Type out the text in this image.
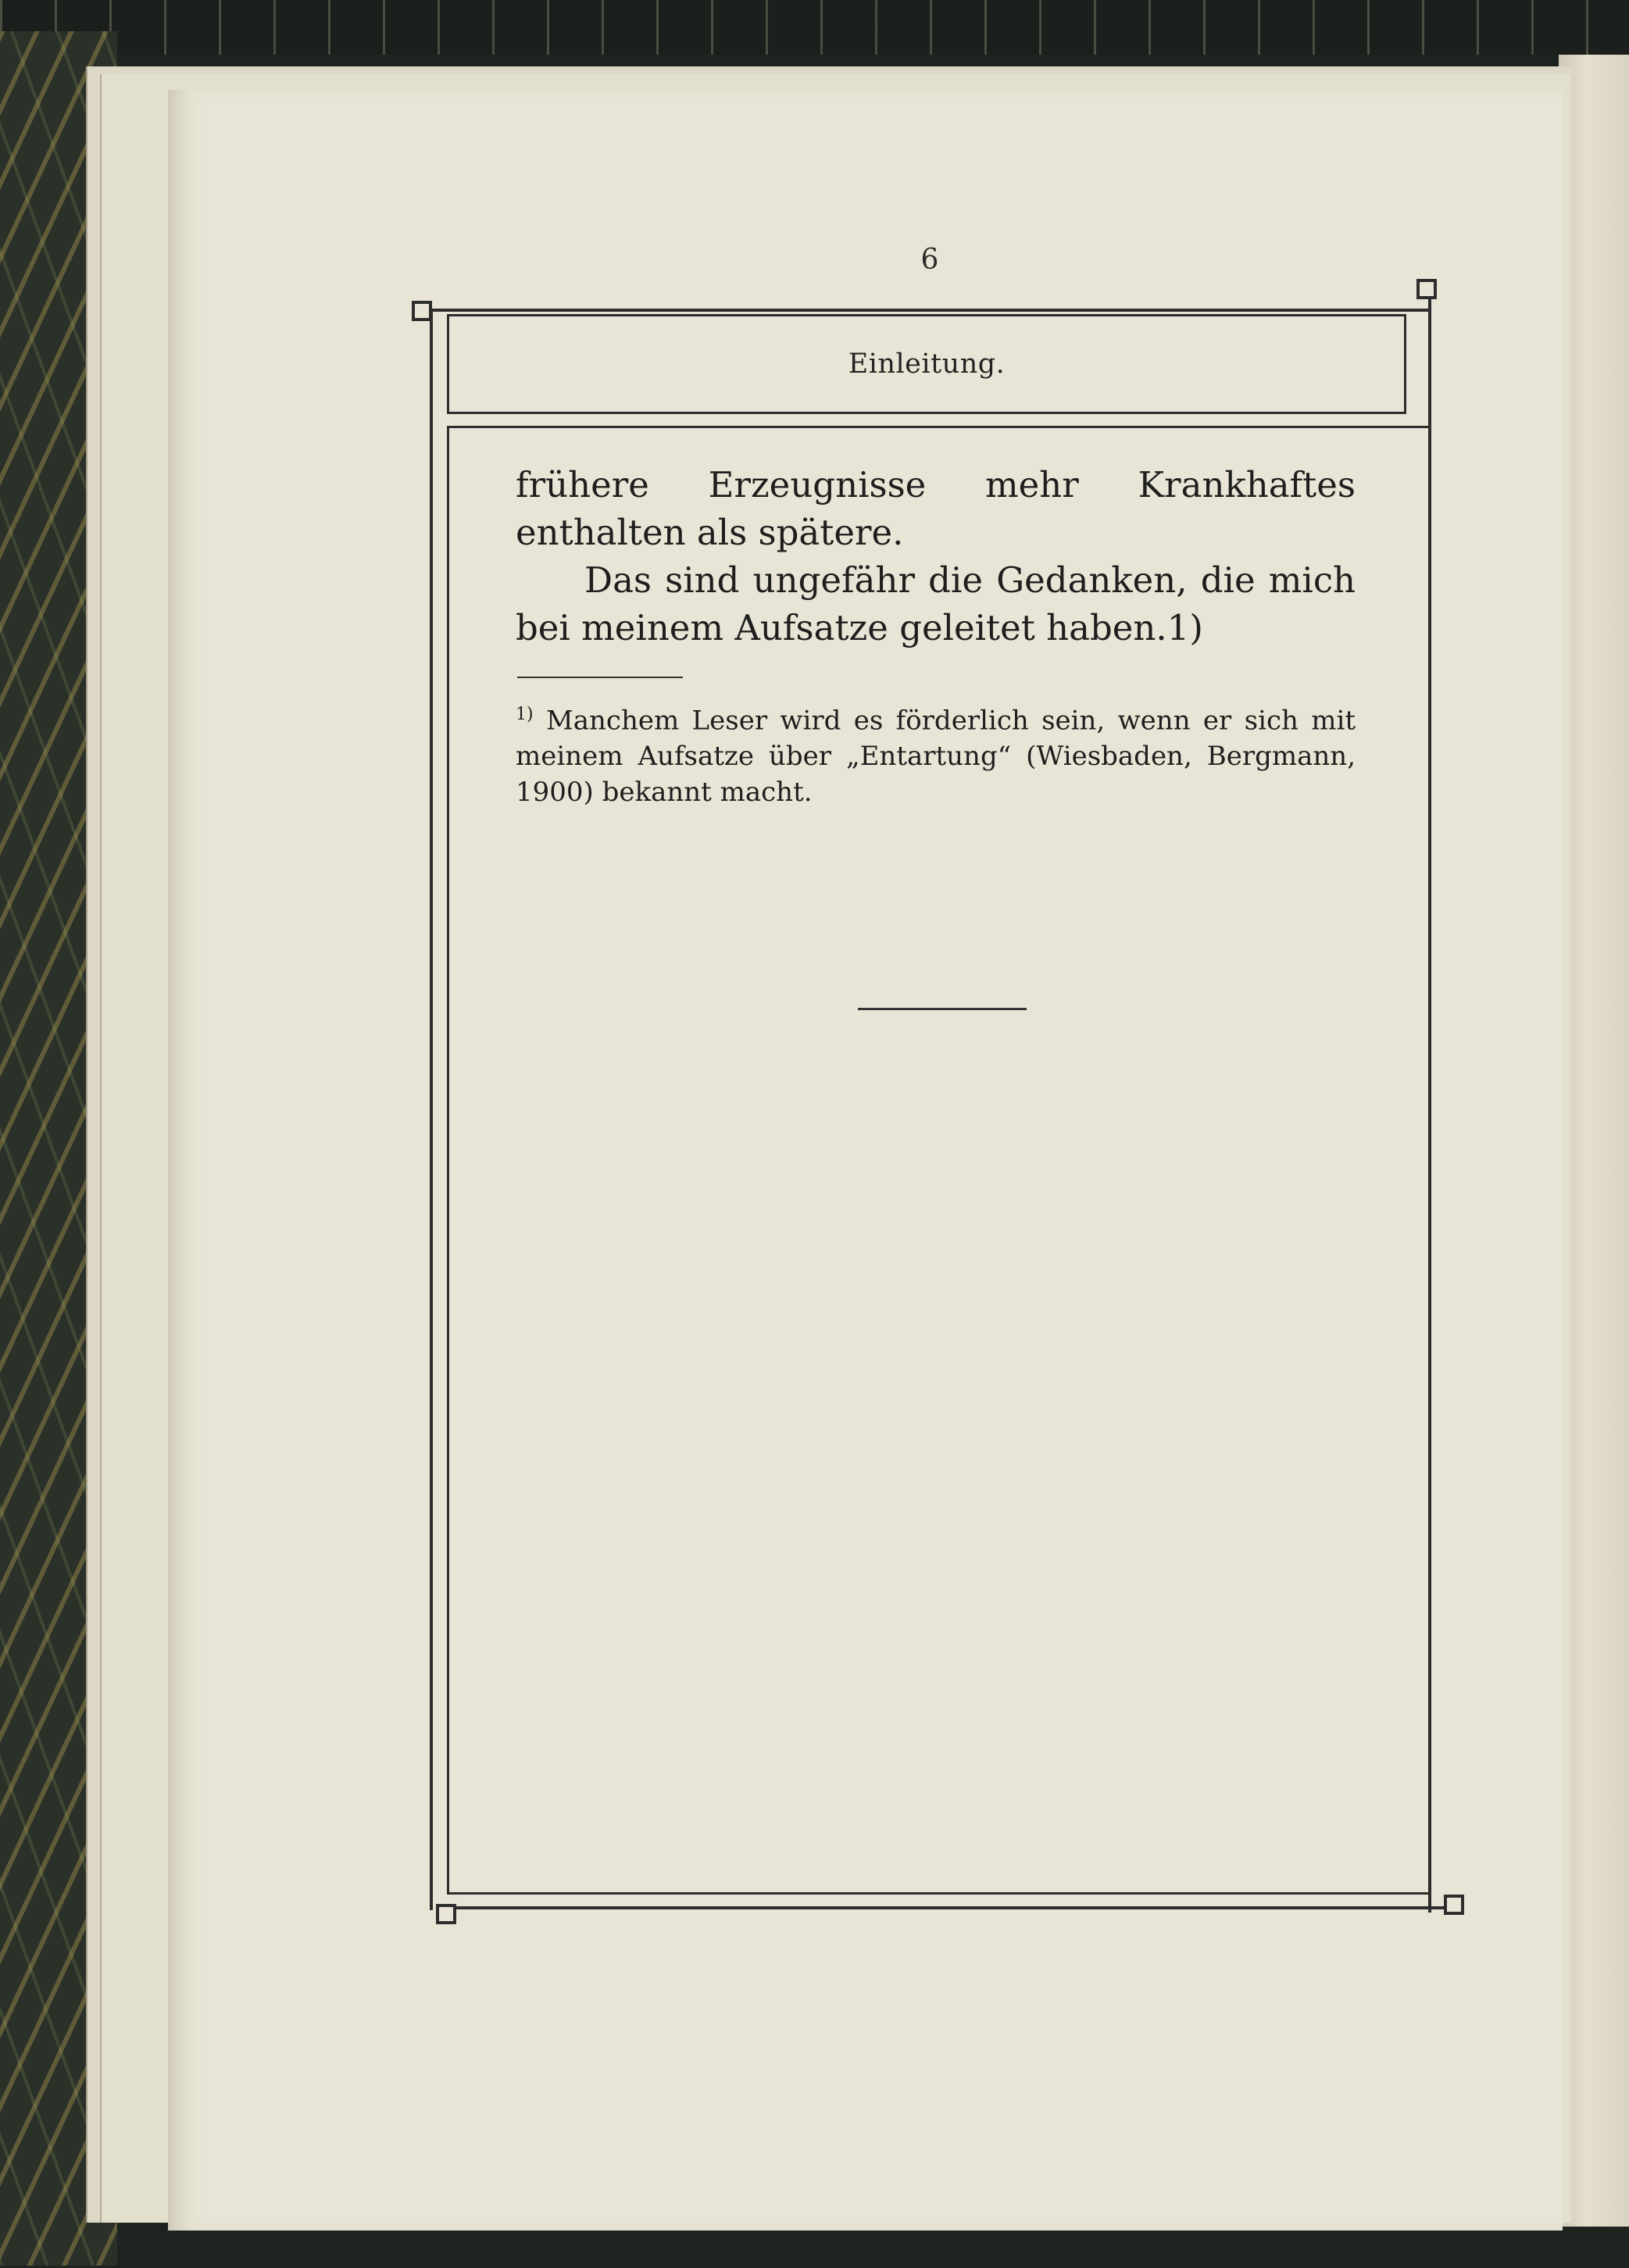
6
Einleitung.

frühere Erzeugnisse mehr Krankhaftes enthalten als spätere.

Das sind ungefähr die Gedanken, die mich bei meinem Aufsatze geleitet haben.1)

$^{1)}$ Manchem Leser wird es förderlich sein, wenn er sich mit meinem Aufsatze über „Entartung“ (Wiesbaden, Bergmann, 1900) bekannt macht.
